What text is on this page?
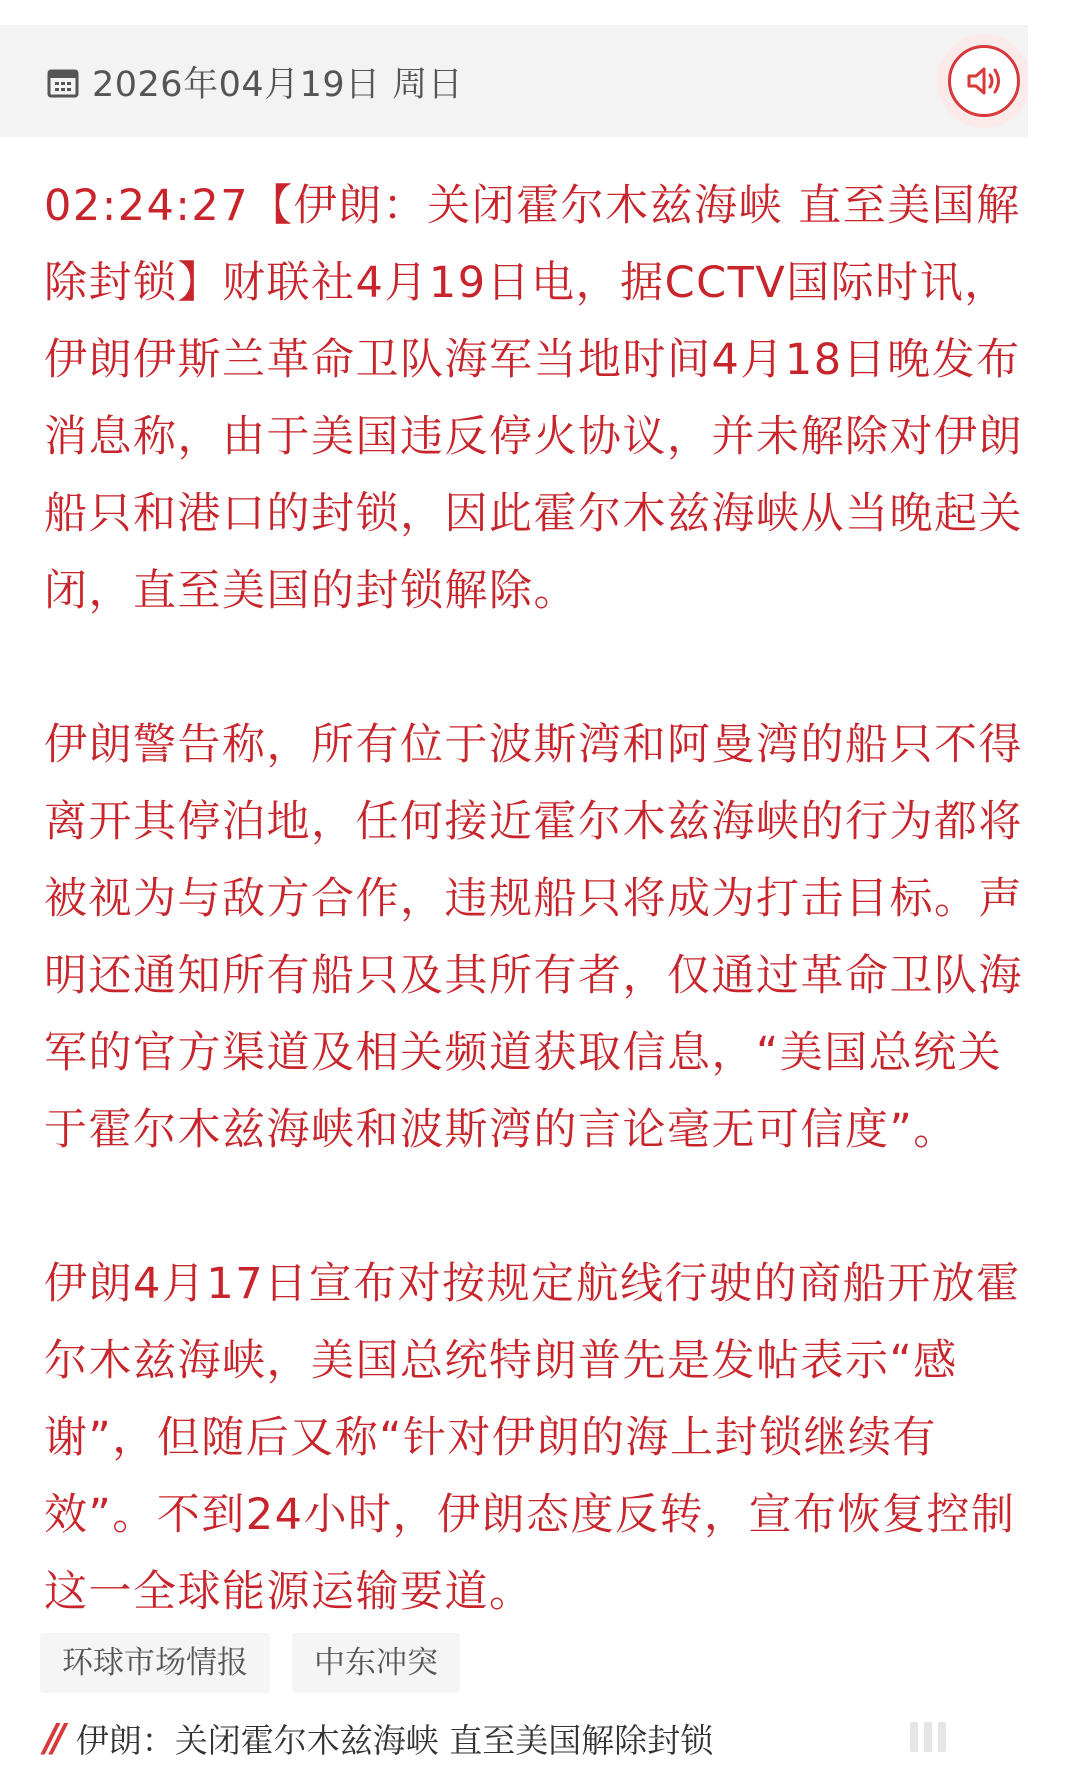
2026年04月19日 周日

02:24:27【伊朗：关闭霍尔木兹海峡 直至美国解除封锁】财联社4月19日电，据CCTV国际时讯，伊朗伊斯兰革命卫队海军当地时间4月18日晚发布消息称，由于美国违反停火协议，并未解除对伊朗船只和港口的封锁，因此霍尔木兹海峡从当晚起关闭，直至美国的封锁解除。

伊朗警告称，所有位于波斯湾和阿曼湾的船只不得离开其停泊地，任何接近霍尔木兹海峡的行为都将被视为与敌方合作，违规船只将成为打击目标。声明还通知所有船只及其所有者，仅通过革命卫队海军的官方渠道及相关频道获取信息，“美国总统关于霍尔木兹海峡和波斯湾的言论毫无可信度”。

伊朗4月17日宣布对按规定航线行驶的商船开放霍尔木兹海峡，美国总统特朗普先是发帖表示“感谢”，但随后又称“针对伊朗的海上封锁继续有效”。不到24小时，伊朗态度反转，宣布恢复控制这一全球能源运输要道。

环球市场情报	中东冲突
// 伊朗：关闭霍尔木兹海峡 直至美国解除封锁
